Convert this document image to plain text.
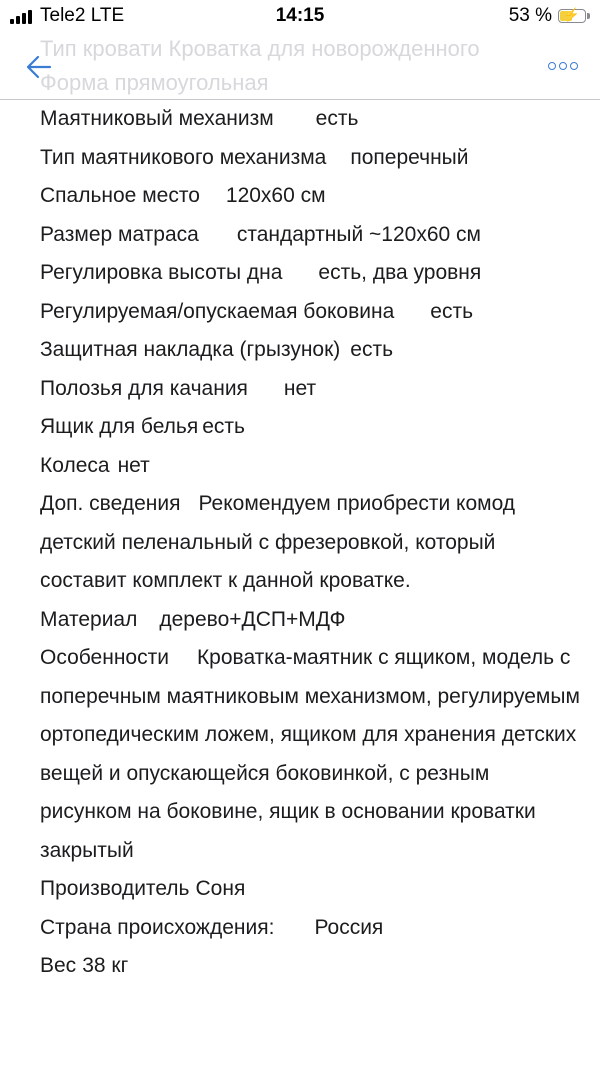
Tele2
LTE	14:15	53 % ⚡
Тип кровати Кроватка для новорожденного
Форма прямоугольная
Маятниковый механизм есть
Тип маятникового механизма поперечный
Спальное место 120х60 см
Размер матраса стандартный ~120х60 см
Регулировка высоты дна есть, два уровня
Регулируемая/опускаемая боковина есть
Защитная накладка (грызунок) есть
Полозья для качания нет
Ящик для белья есть
Колеса нет
Доп. сведения Рекомендуем приобрести комод детский пеленальный с фрезеровкой, который составит комплект к данной кроватке.
Материал дерево+ДСП+МДФ
Особенности Кроватка-маятник с ящиком, модель с поперечным маятниковым механизмом, регулируемым ортопедическим ложем, ящиком для хранения детских вещей и опускающейся боковинкой, с резным рисунком на боковине, ящик в основании кроватки закрытый
Производитель Соня
Страна происхождения: Россия
Вес 38 кг
